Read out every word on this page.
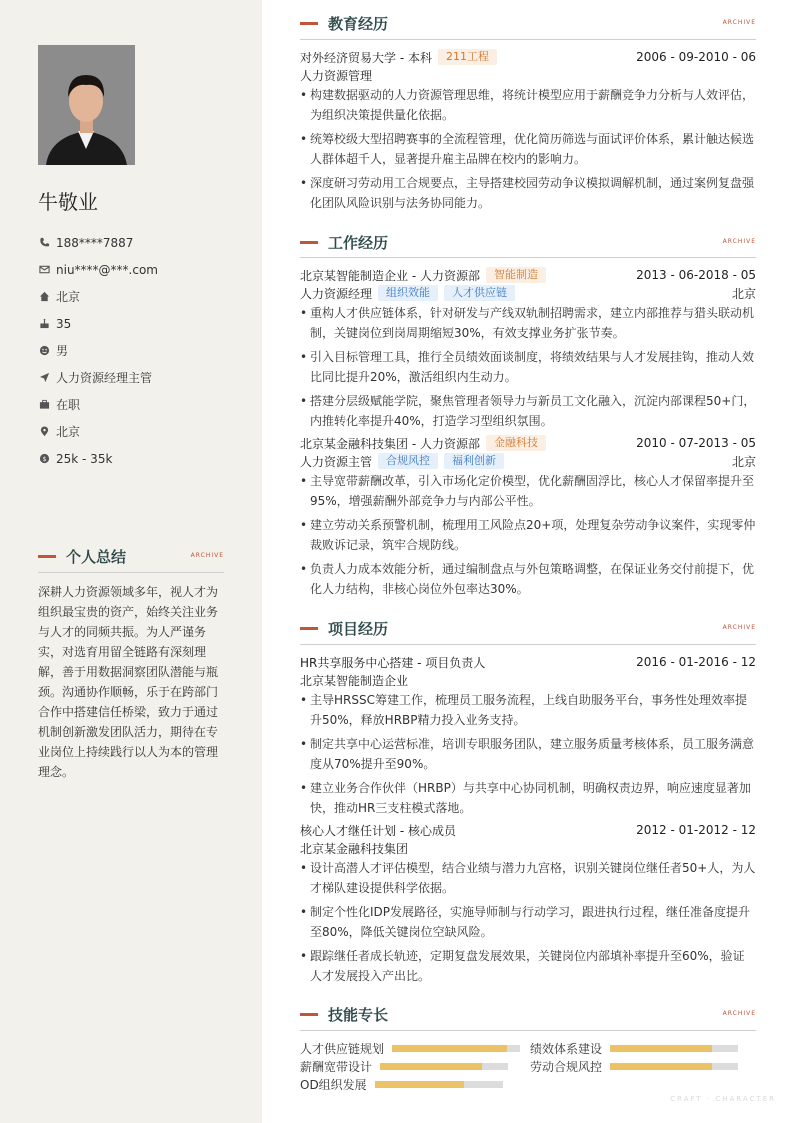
牛敬业
188****7887
niu****@***.com
北京
35
男
人力资源经理主管
在职
北京
$ 25k - 35k
个人总结	ARCHIVE
深耕人力资源领域多年，视人才为组织最宝贵的资产，始终关注业务与人才的同频共振。为人严谨务实，对选育用留全链路有深刻理解，善于用数据洞察团队潜能与瓶颈。沟通协作顺畅，乐于在跨部门合作中搭建信任桥梁，致力于通过机制创新激发团队活力，期待在专业岗位上持续践行以人为本的管理理念。
教育经历	ARCHIVE
对外经济贸易大学 - 本科	211工程	2006 - 09-2010 - 06
人力资源管理
• 构建数据驱动的人力资源管理思维，将统计模型应用于薪酬竞争力分析与人效评估，为组织决策提供量化依据。
• 统筹校级大型招聘赛事的全流程管理，优化简历筛选与面试评价体系，累计触达候选人群体超千人，显著提升雇主品牌在校内的影响力。
• 深度研习劳动用工合规要点，主导搭建校园劳动争议模拟调解机制，通过案例复盘强化团队风险识别与法务协同能力。
工作经历	ARCHIVE
北京某智能制造企业 - 人力资源部	智能制造	2013 - 06-2018 - 05
人力资源经理	组织效能	人才供应链	北京
• 重构人才供应链体系，针对研发与产线双轨制招聘需求，建立内部推荐与猎头联动机制，关键岗位到岗周期缩短30%，有效支撑业务扩张节奏。
• 引入目标管理工具，推行全员绩效面谈制度，将绩效结果与人才发展挂钩，推动人效比同比提升20%，激活组织内生动力。
• 搭建分层级赋能学院，聚焦管理者领导力与新员工文化融入，沉淀内部课程50+门，内推转化率提升40%，打造学习型组织氛围。
北京某金融科技集团 - 人力资源部	金融科技	2010 - 07-2013 - 05
人力资源主管	合规风控	福利创新	北京
• 主导宽带薪酬改革，引入市场化定价模型，优化薪酬固浮比，核心人才保留率提升至95%，增强薪酬外部竞争力与内部公平性。
• 建立劳动关系预警机制，梳理用工风险点20+项，处理复杂劳动争议案件，实现零仲裁败诉记录，筑牢合规防线。
• 负责人力成本效能分析，通过编制盘点与外包策略调整，在保证业务交付前提下，优化人力结构，非核心岗位外包率达30%。
项目经历	ARCHIVE
HR共享服务中心搭建 - 项目负责人	2016 - 01-2016 - 12
北京某智能制造企业
• 主导HRSSC筹建工作，梳理员工服务流程，上线自助服务平台，事务性处理效率提升50%，释放HRBP精力投入业务支持。
• 制定共享中心运营标准，培训专职服务团队，建立服务质量考核体系，员工服务满意度从70%提升至90%。
• 建立业务合作伙伴（HRBP）与共享中心协同机制，明确权责边界，响应速度显著加快，推动HR三支柱模式落地。
核心人才继任计划 - 核心成员	2012 - 01-2012 - 12
北京某金融科技集团
• 设计高潜人才评估模型，结合业绩与潜力九宫格，识别关键岗位继任者50+人，为人才梯队建设提供科学依据。
• 制定个性化IDP发展路径，实施导师制与行动学习，跟进执行过程，继任准备度提升至80%，降低关键岗位空缺风险。
• 跟踪继任者成长轨迹，定期复盘发展效果，关键岗位内部填补率提升至60%，验证人才发展投入产出比。
技能专长	ARCHIVE
人才供应链规划	绩效体系建设
薪酬宽带设计	劳动合规风控
OD组织发展
CRAFT · CHARACTER
